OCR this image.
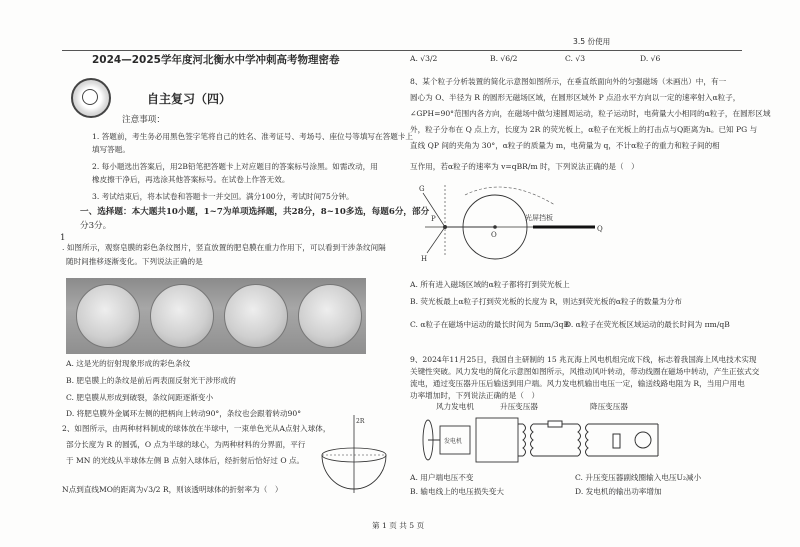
3.5 份使用
2024—2025学年度河北衡水中学冲刺高考物理密卷
自主复习（四）
注意事项：
1. 答题前，考生务必用黑色签字笔将自己的姓名、准考证号、考场号、座位号等填写在答题卡上
填写答题。
2. 每小题选出答案后，用2B铅笔把答题卡上对应题目的答案标号涂黑。如需改动，用
橡皮擦干净后，再选涂其他答案标号。在试卷上作答无效。
3. 考试结束后，将本试卷和答题卡一并交回。满分100分，考试时间75分钟。
一、选择题：本大题共10小题，1~7为单项选择题，共28分，8~10多选，每题6分，部分
分3分。
1
. 如图所示，观察皂膜的彩色条纹图片，竖直放置的肥皂膜在重力作用下，可以看到干涉条纹间隔
随时间推移逐渐变化。下列说法正确的是
A. 这是光的衍射现象形成的彩色条纹
B. 肥皂膜上的条纹是前后两表面反射光干涉形成的
C. 肥皂膜从形成到破裂，条纹间距逐渐变小
D. 将肥皂膜外金属环左侧的把柄向上转动90°，条纹也会跟着转动90°
2、如图所示，由两种材料制成的球体放在半球中，一束单色光从A点射入球体，
部分长度为 R 的圆弧，O 点为半球的球心，为两种材料的分界面，平行
于 MN 的光线从半球体左侧 B 点射入球体后，经折射后恰好过 O 点。
N点到直线MO的距离为√3/2 R，则该透明球体的折射率为（　）
2R
A. √3/2	B. √6/2	C. √3	D. √6
8、某个粒子分析装置的简化示意图如图所示，在垂直纸面向外的匀强磁场（未画出）中，有一
圆心为 O、半径为 R 的圆形无磁场区域，在圆形区域外 P 点沿水平方向以一定的速率射入α粒子，
∠GPH=90°范围内各方向，在磁场中做匀速圆周运动，粒子运动时，电荷量大小相同的α粒子，在圆形区域
外，粒子分布在 Q 点上方，长度为 2R 的荧光板上，α粒子在光板上的打击点与Q距离为h。已知 PG 与
直线 QP 间的夹角为 30°，α粒子的质量为 m，电荷量为 q，不计α粒子的重力和粒子间的相
互作用，若α粒子的速率为 v=qBR/m 时，下列说法正确的是（　）
光屏挡板
P
O
G
H
Q
A. 所有进入磁场区域的α粒子都将打到荧光板上
B. 荧光板最上α粒子打到荧光板的长度为 R，则达到荧光板的α粒子的数量为分布
C. α粒子在磁场中运动的最长时间为 5πm/3qB
D. α粒子在荧光板区域运动的最长时间为 πm/qB
9、2024年11月25日，我国自主研制的 15 兆瓦海上风电机组完成下线，标志着我国海上风电技术实现
关键性突破。风力发电的简化示意图如图所示，风推动风叶转动，带动线圈在磁场中转动，产生正弦式交
流电，通过变压器升压后输送到用户端。风力发电机输出电压一定，输送线路电阻为 R，当用户用电
功率增加时，下列说法正确的是（　）
风力发电机	升压变压器	降压变压器
发电机
A. 用户端电压不变
B. 输电线上的电压损失变大
C. 升压变压器副线圈输入电压U₂减小
D. 发电机的输出功率增加
第 1 页 共 5 页
